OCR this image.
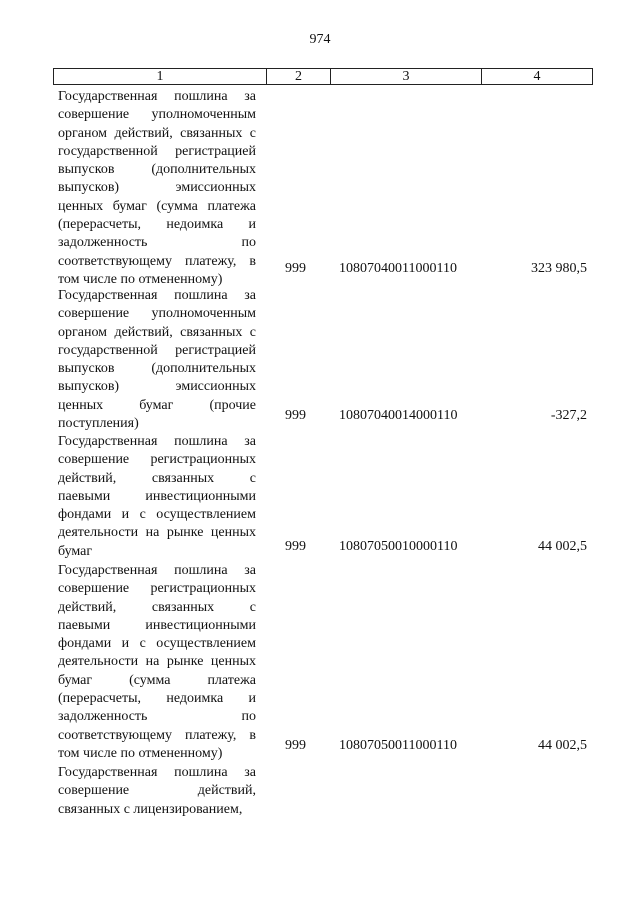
974
1	2	3	4
Государственная пошлина за
совершение уполномоченным
органом действий, связанных с
государственной регистрацией
выпусков (дополнительных
выпусков) эмиссионных
ценных бумаг (сумма платежа
(перерасчеты, недоимка и
задолженность по
соответствующему платежу, в
том числе по отмененному)
999 10807040011000110	323 980,5
Государственная пошлина за
совершение уполномоченным
органом действий, связанных с
государственной регистрацией
выпусков (дополнительных
выпусков) эмиссионных
ценных бумаг (прочие
поступления)
999 10807040014000110	-327,2
Государственная пошлина за
совершение регистрационных
действий, связанных с
паевыми инвестиционными
фондами и с осуществлением
деятельности на рынке ценных
бумаг	999 10807050010000110	44 002,5
Государственная пошлина за
совершение регистрационных
действий, связанных с
паевыми инвестиционными
фондами и с осуществлением
деятельности на рынке ценных
бумаг (сумма платежа
(перерасчеты, недоимка и
задолженность по
соответствующему платежу, в
том числе по отмененному)
999 10807050011000110	44 002,5
Государственная пошлина за
совершение действий,
связанных с лицензированием,
